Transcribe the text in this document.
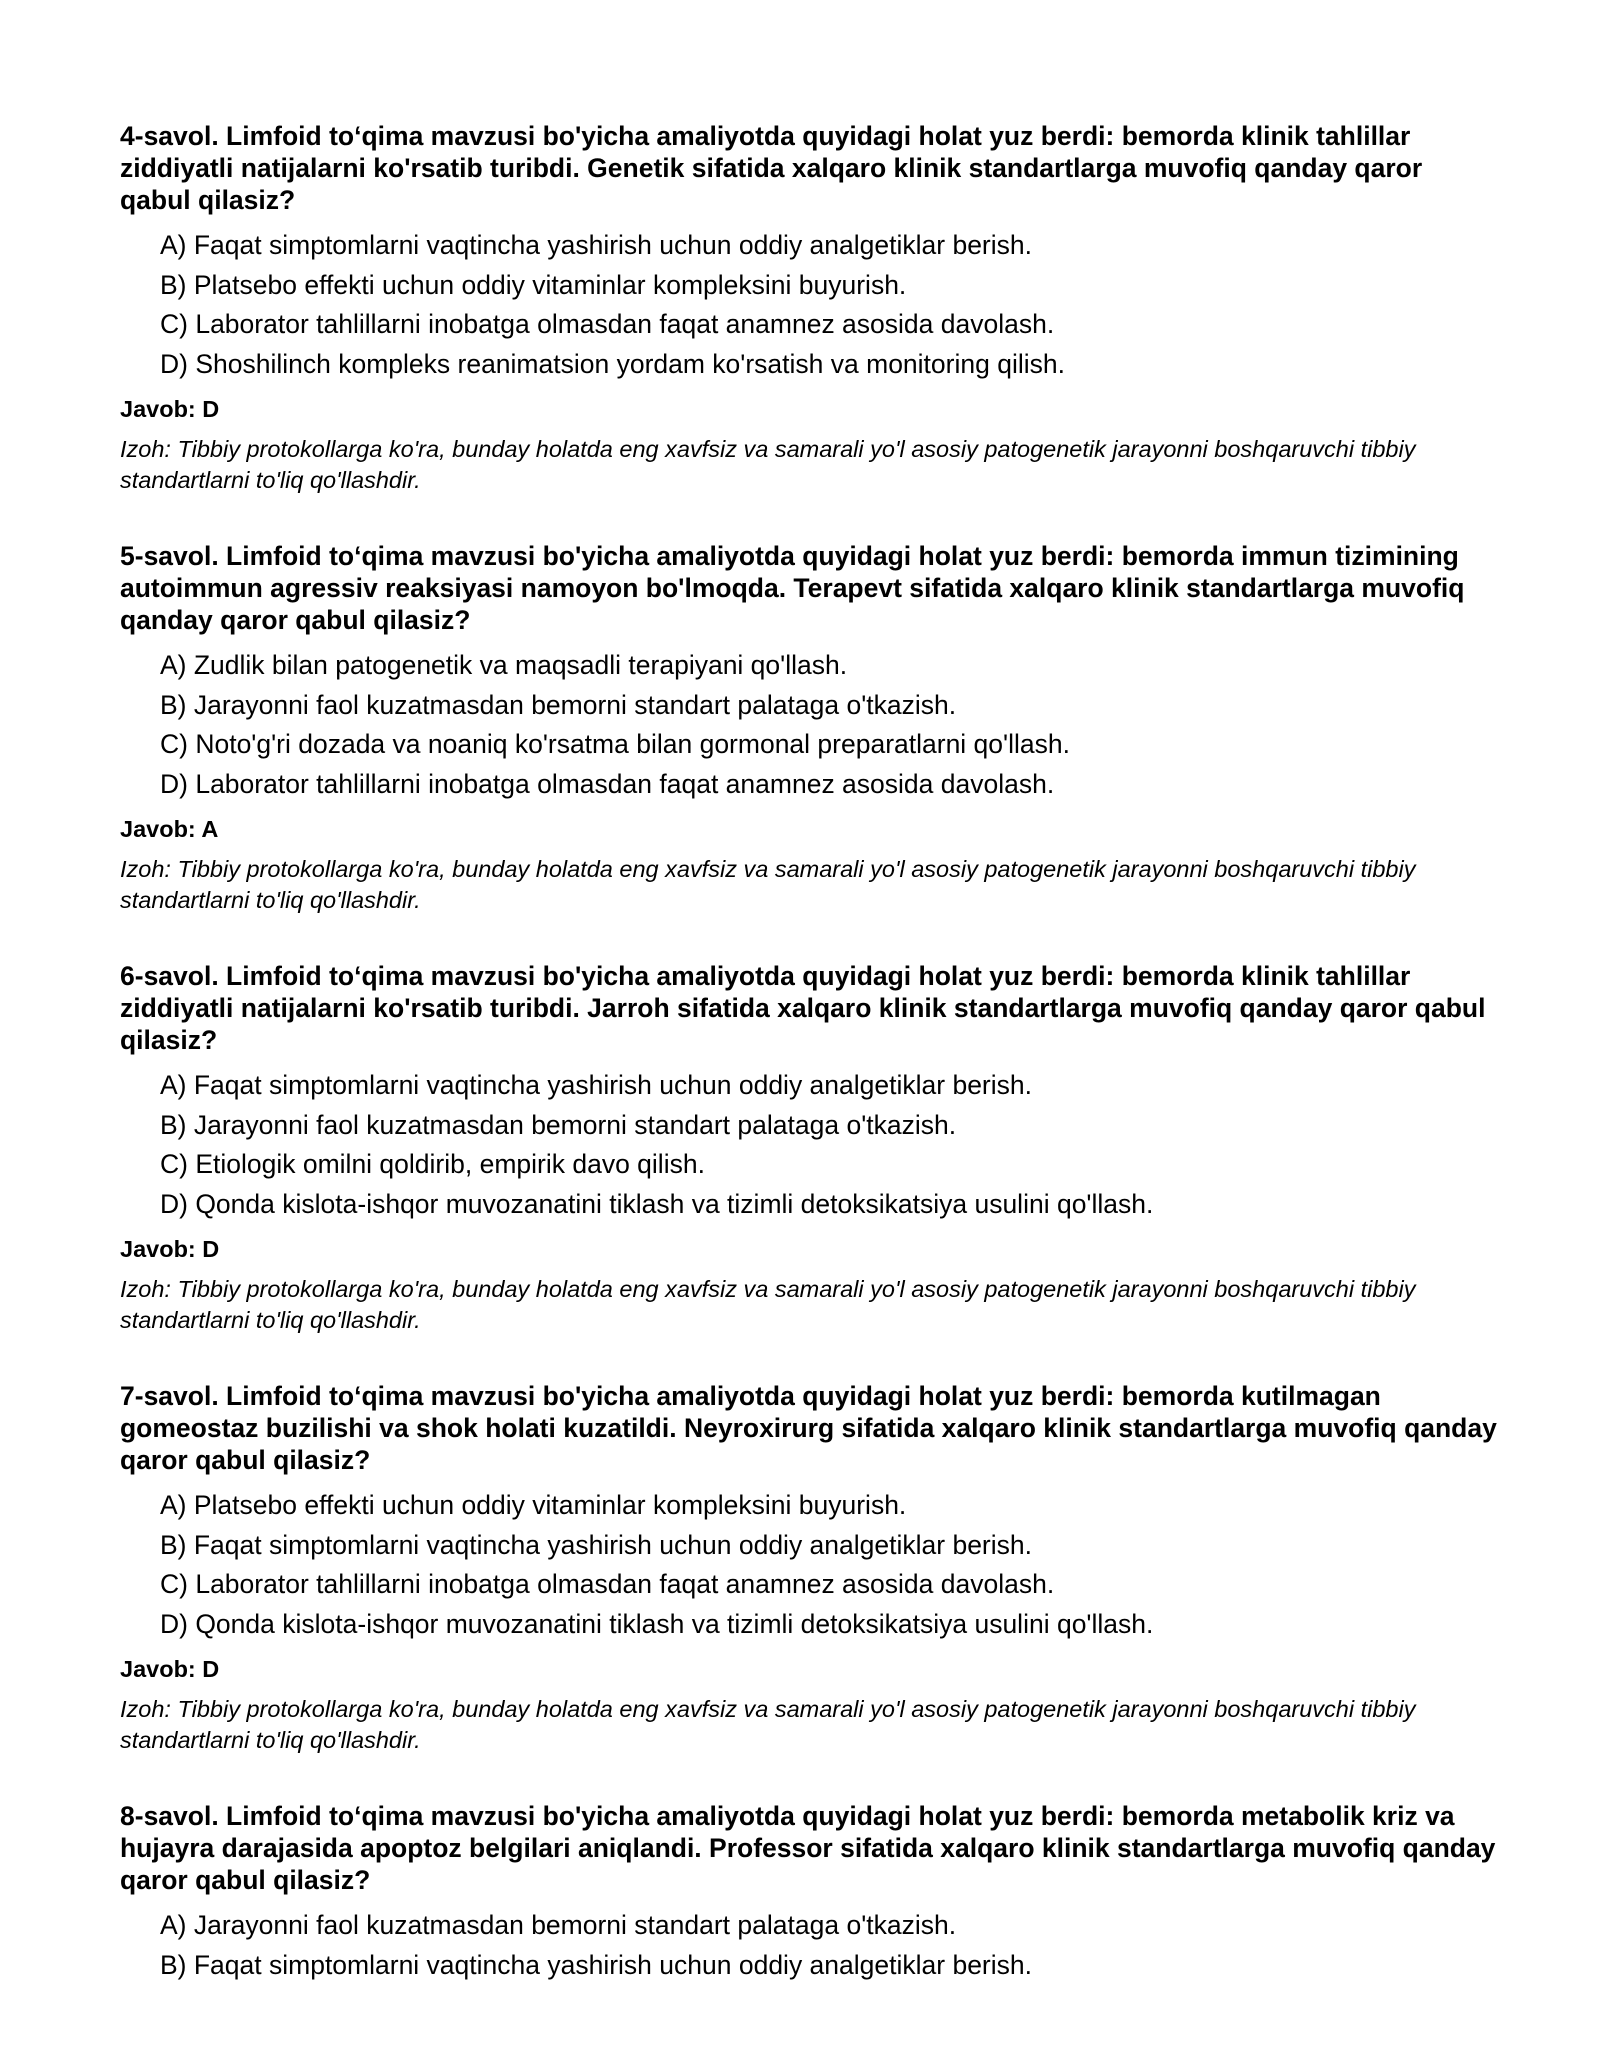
4-savol. Limfoid to‘qima mavzusi bo'yicha amaliyotda quyidagi holat yuz berdi: bemorda klinik tahlillar ziddiyatli natijalarni ko'rsatib turibdi. Genetik sifatida xalqaro klinik standartlarga muvofiq qanday qaror qabul qilasiz?

A) Faqat simptomlarni vaqtincha yashirish uchun oddiy analgetiklar berish.
B) Platsebo effekti uchun oddiy vitaminlar kompleksini buyurish.
C) Laborator tahlillarni inobatga olmasdan faqat anamnez asosida davolash.
D) Shoshilinch kompleks reanimatsion yordam ko'rsatish va monitoring qilish.

Javob: D

Izoh: Tibbiy protokollarga ko'ra, bunday holatda eng xavfsiz va samarali yo'l asosiy patogenetik jarayonni boshqaruvchi tibbiy standartlarni to'liq qo'llashdir.

5-savol. Limfoid to‘qima mavzusi bo'yicha amaliyotda quyidagi holat yuz berdi: bemorda immun tizimining autoimmun agressiv reaksiyasi namoyon bo'lmoqda. Terapevt sifatida xalqaro klinik standartlarga muvofiq qanday qaror qabul qilasiz?

A) Zudlik bilan patogenetik va maqsadli terapiyani qo'llash.
B) Jarayonni faol kuzatmasdan bemorni standart palataga o'tkazish.
C) Noto'g'ri dozada va noaniq ko'rsatma bilan gormonal preparatlarni qo'llash.
D) Laborator tahlillarni inobatga olmasdan faqat anamnez asosida davolash.

Javob: A

Izoh: Tibbiy protokollarga ko'ra, bunday holatda eng xavfsiz va samarali yo'l asosiy patogenetik jarayonni boshqaruvchi tibbiy standartlarni to'liq qo'llashdir.

6-savol. Limfoid to‘qima mavzusi bo'yicha amaliyotda quyidagi holat yuz berdi: bemorda klinik tahlillar ziddiyatli natijalarni ko'rsatib turibdi. Jarroh sifatida xalqaro klinik standartlarga muvofiq qanday qaror qabul qilasiz?

A) Faqat simptomlarni vaqtincha yashirish uchun oddiy analgetiklar berish.
B) Jarayonni faol kuzatmasdan bemorni standart palataga o'tkazish.
C) Etiologik omilni qoldirib, empirik davo qilish.
D) Qonda kislota-ishqor muvozanatini tiklash va tizimli detoksikatsiya usulini qo'llash.

Javob: D

Izoh: Tibbiy protokollarga ko'ra, bunday holatda eng xavfsiz va samarali yo'l asosiy patogenetik jarayonni boshqaruvchi tibbiy standartlarni to'liq qo'llashdir.

7-savol. Limfoid to‘qima mavzusi bo'yicha amaliyotda quyidagi holat yuz berdi: bemorda kutilmagan gomeostaz buzilishi va shok holati kuzatildi. Neyroxirurg sifatida xalqaro klinik standartlarga muvofiq qanday qaror qabul qilasiz?

A) Platsebo effekti uchun oddiy vitaminlar kompleksini buyurish.
B) Faqat simptomlarni vaqtincha yashirish uchun oddiy analgetiklar berish.
C) Laborator tahlillarni inobatga olmasdan faqat anamnez asosida davolash.
D) Qonda kislota-ishqor muvozanatini tiklash va tizimli detoksikatsiya usulini qo'llash.

Javob: D

Izoh: Tibbiy protokollarga ko'ra, bunday holatda eng xavfsiz va samarali yo'l asosiy patogenetik jarayonni boshqaruvchi tibbiy standartlarni to'liq qo'llashdir.

8-savol. Limfoid to‘qima mavzusi bo'yicha amaliyotda quyidagi holat yuz berdi: bemorda metabolik kriz va hujayra darajasida apoptoz belgilari aniqlandi. Professor sifatida xalqaro klinik standartlarga muvofiq qanday qaror qabul qilasiz?

A) Jarayonni faol kuzatmasdan bemorni standart palataga o'tkazish.
B) Faqat simptomlarni vaqtincha yashirish uchun oddiy analgetiklar berish.
